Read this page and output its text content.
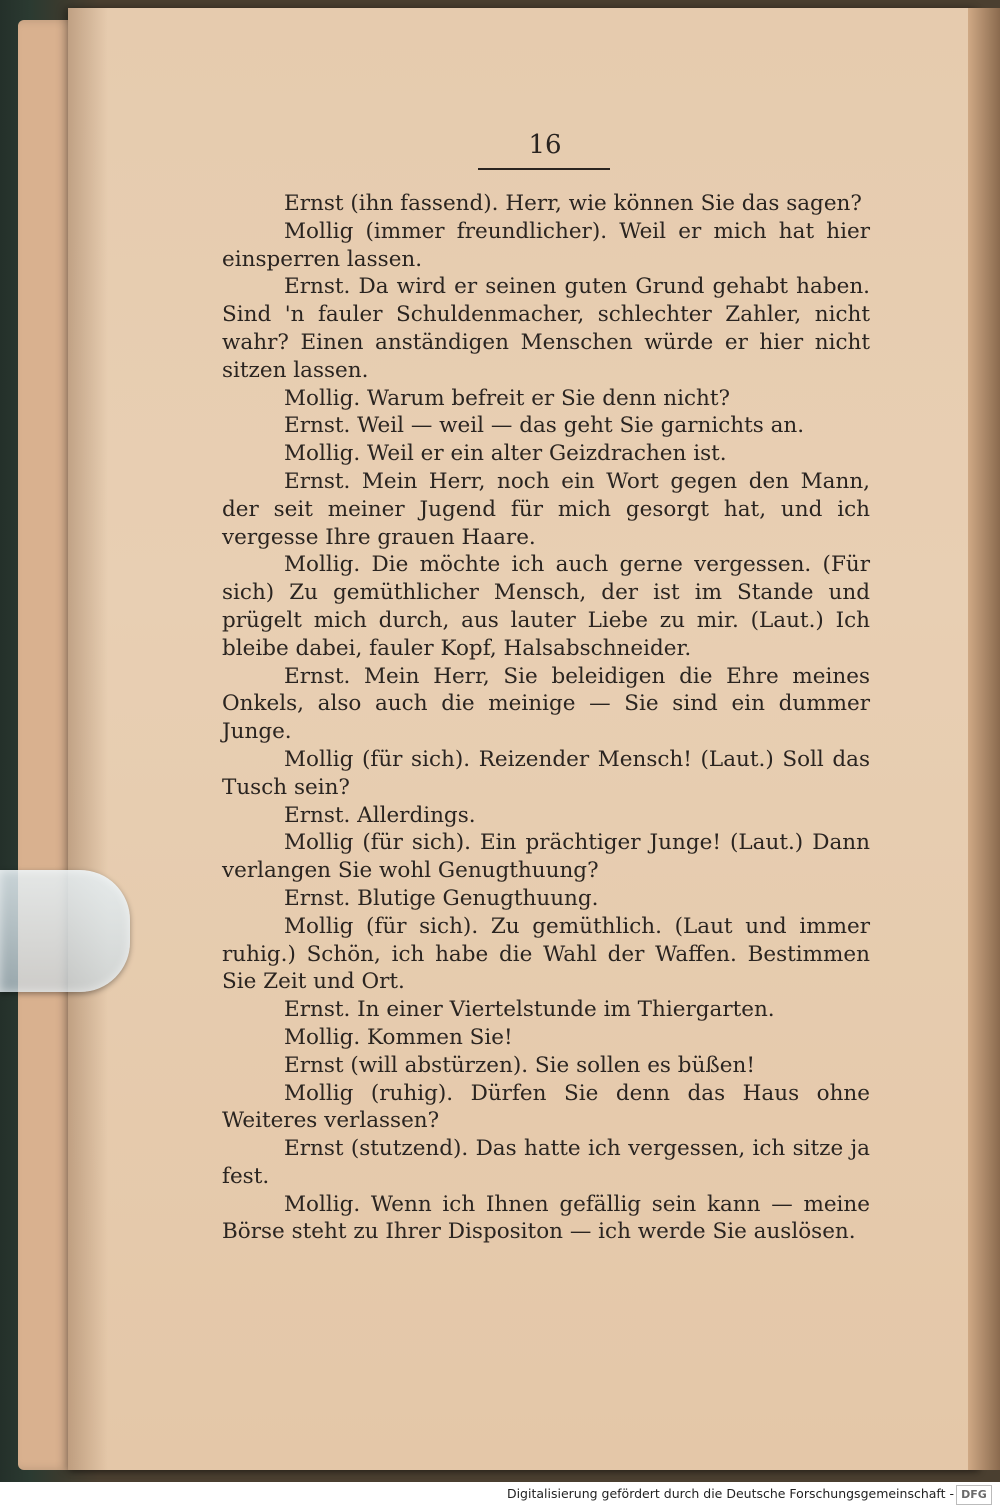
16
Ernst (ihn fassend). Herr, wie können Sie das sagen?
Mollig (immer freundlicher). Weil er mich hat hier einsperren lassen.
Ernst. Da wird er seinen guten Grund gehabt haben. Sind 'n fauler Schuldenmacher, schlechter Zahler, nicht wahr? Einen anständigen Menschen würde er hier nicht sitzen lassen.
Mollig. Warum befreit er Sie denn nicht?
Ernst. Weil — weil — das geht Sie garnichts an.
Mollig. Weil er ein alter Geizdrachen ist.
Ernst. Mein Herr, noch ein Wort gegen den Mann, der seit meiner Jugend für mich gesorgt hat, und ich vergesse Ihre grauen Haare.
Mollig. Die möchte ich auch gerne vergessen. (Für sich) Zu gemüthlicher Mensch, der ist im Stande und prügelt mich durch, aus lauter Liebe zu mir. (Laut.) Ich bleibe dabei, fauler Kopf, Halsabschneider.
Ernst. Mein Herr, Sie beleidigen die Ehre meines Onkels, also auch die meinige — Sie sind ein dummer Junge.
Mollig (für sich). Reizender Mensch! (Laut.) Soll das Tusch sein?
Ernst. Allerdings.
Mollig (für sich). Ein prächtiger Junge! (Laut.) Dann verlangen Sie wohl Genugthuung?
Ernst. Blutige Genugthuung.
Mollig (für sich). Zu gemüthlich. (Laut und immer ruhig.) Schön, ich habe die Wahl der Waffen. Bestimmen Sie Zeit und Ort.
Ernst. In einer Viertelstunde im Thiergarten.
Mollig. Kommen Sie!
Ernst (will abstürzen). Sie sollen es büßen!
Mollig (ruhig). Dürfen Sie denn das Haus ohne Weiteres verlassen?
Ernst (stutzend). Das hatte ich vergessen, ich sitze ja fest.
Mollig. Wenn ich Ihnen gefällig sein kann — meine Börse steht zu Ihrer Dispositon — ich werde Sie auslösen.
Digitalisierung gefördert durch die Deutsche Forschungsgemeinschaft - DFG
